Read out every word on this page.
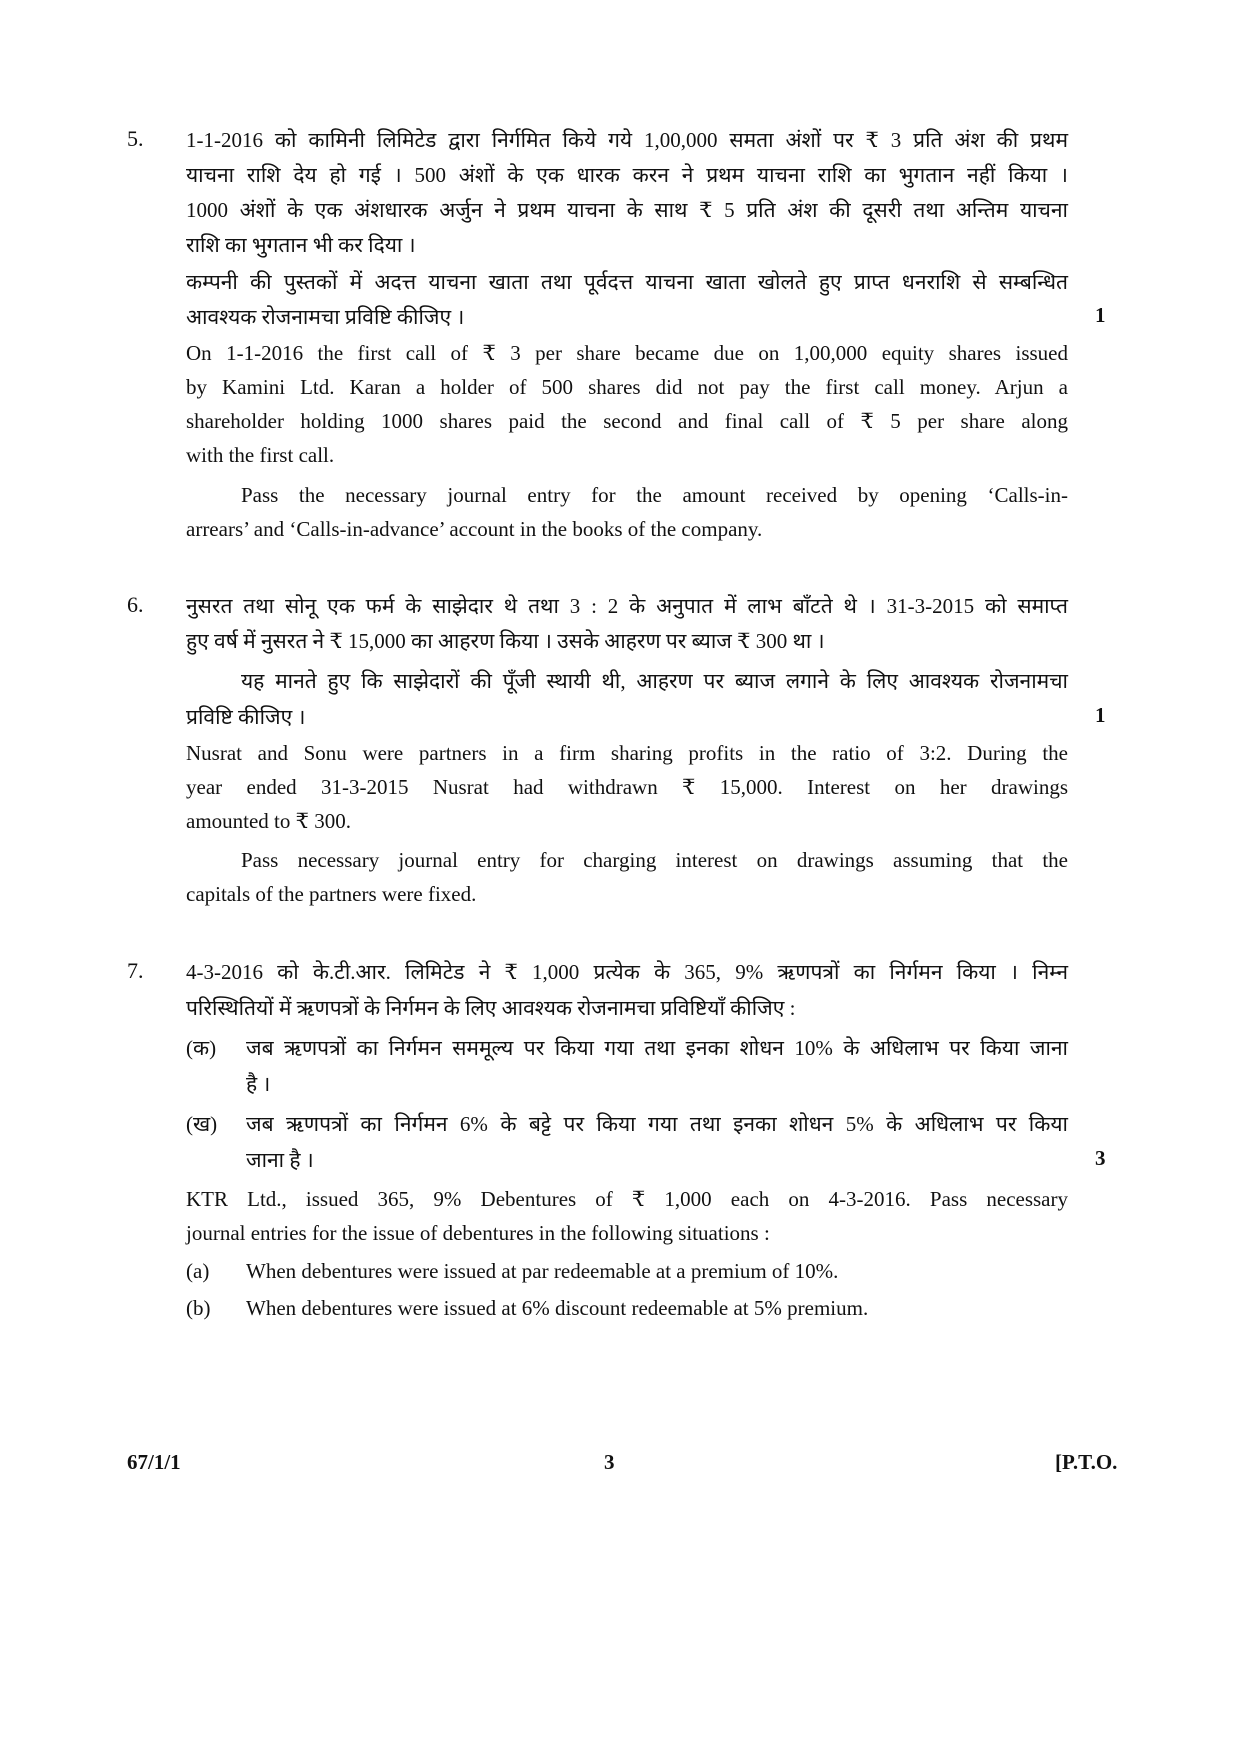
5. 1-1-2016 को कामिनी लिमिटेड द्वारा निर्गमित किये गये 1,00,000 समता अंशों पर ₹ 3 प्रति अंश की प्रथम
याचना राशि देय हो गई । 500 अंशों के एक धारक करन ने प्रथम याचना राशि का भुगतान नहीं किया ।
1000 अंशों के एक अंशधारक अर्जुन ने प्रथम याचना के साथ ₹ 5 प्रति अंश की दूसरी तथा अन्तिम याचना
राशि का भुगतान भी कर दिया ।
कम्पनी की पुस्तकों में अदत्त याचना खाता तथा पूर्वदत्त याचना खाता खोलते हुए प्राप्त धनराशि से सम्बन्धित
आवश्यक रोजनामचा प्रविष्टि कीजिए ।	1
On 1-1-2016 the first call of ₹ 3 per share became due on 1,00,000 equity shares issued
by Kamini Ltd. Karan a holder of 500 shares did not pay the first call money. Arjun a
shareholder holding 1000 shares paid the second and final call of ₹ 5 per share along
with the first call.
Pass the necessary journal entry for the amount received by opening ‘Calls-in-
arrears’ and ‘Calls-in-advance’ account in the books of the company.
6. नुसरत तथा सोनू एक फर्म के साझेदार थे तथा 3 : 2 के अनुपात में लाभ बाँटते थे । 31-3-2015 को समाप्त
हुए वर्ष में नुसरत ने ₹ 15,000 का आहरण किया । उसके आहरण पर ब्याज ₹ 300 था ।
यह मानते हुए कि साझेदारों की पूँजी स्थायी थी, आहरण पर ब्याज लगाने के लिए आवश्यक रोजनामचा
प्रविष्टि कीजिए ।	1
Nusrat and Sonu were partners in a firm sharing profits in the ratio of 3:2. During the
year ended 31-3-2015 Nusrat had withdrawn ₹ 15,000. Interest on her drawings
amounted to ₹ 300.
Pass necessary journal entry for charging interest on drawings assuming that the
capitals of the partners were fixed.
7. 4-3-2016 को के.टी.आर. लिमिटेड ने ₹ 1,000 प्रत्येक के 365, 9% ऋणपत्रों का निर्गमन किया । निम्न
परिस्थितियों में ऋणपत्रों के निर्गमन के लिए आवश्यक रोजनामचा प्रविष्टियाँ कीजिए :
(क) जब ऋणपत्रों का निर्गमन सममूल्य पर किया गया तथा इनका शोधन 10% के अधिलाभ पर किया जाना
है ।
(ख) जब ऋणपत्रों का निर्गमन 6% के बट्टे पर किया गया तथा इनका शोधन 5% के अधिलाभ पर किया
जाना है ।	3
KTR Ltd., issued 365, 9% Debentures of ₹ 1,000 each on 4-3-2016. Pass necessary
journal entries for the issue of debentures in the following situations :
(a) When debentures were issued at par redeemable at a premium of 10%.
(b) When debentures were issued at 6% discount redeemable at 5% premium.
67/1/1	3	[P.T.O.
